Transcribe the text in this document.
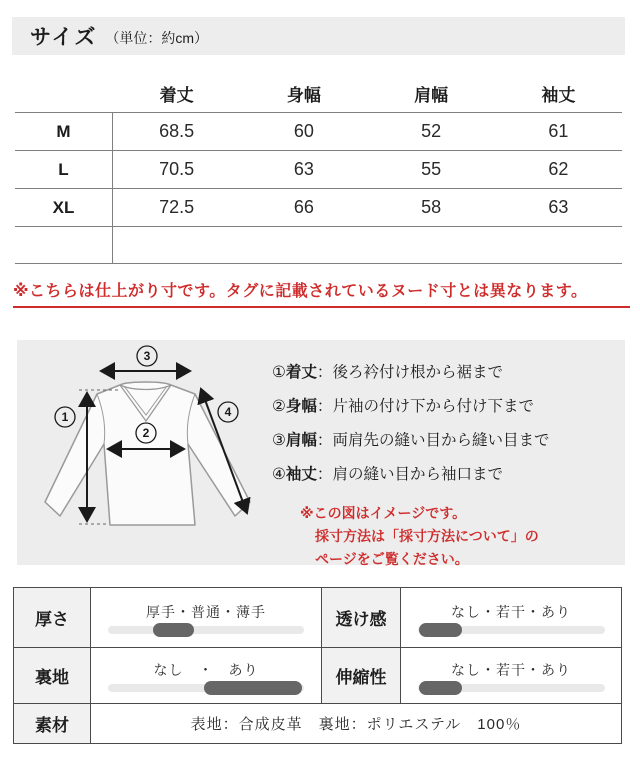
サイズ （単位：約cm）
着丈	身幅	肩幅	袖丈
M	68.5	60	52	61
L	70.5	63	55	62
XL	72.5	66	58	63
※こちらは仕上がり寸です。タグに記載されているヌード寸とは異なります。
3
1
2
4
①着丈：後ろ衿付け根から裾まで
②身幅：片袖の付け下から付け下まで
③肩幅：両肩先の縫い目から縫い目まで
④袖丈：肩の縫い目から袖口まで
※この図はイメージです。
採寸方法は「採寸方法について」の
ページをご覧ください。
厚さ	厚手・普通・薄手	透け感	なし・若干・あり
裏地	なし　・　あり	伸縮性	なし・若干・あり
素材	表地：合成皮革　裏地：ポリエステル　100％
